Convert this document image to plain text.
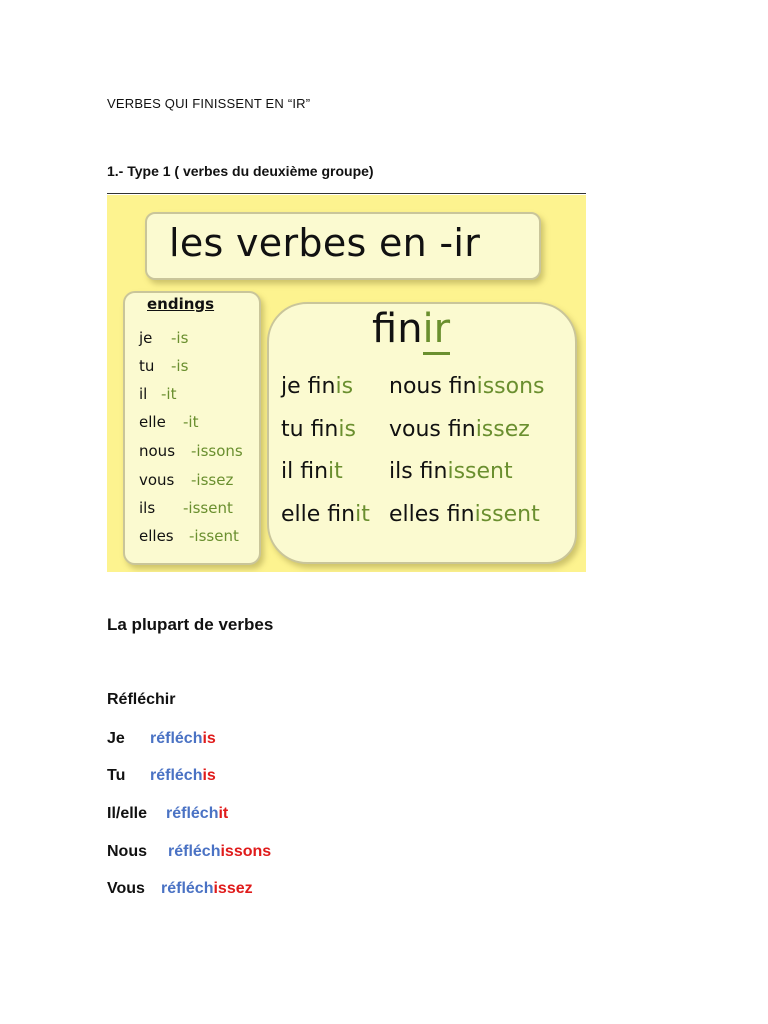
VERBES QUI FINISSENT EN “IR”
1.- Type 1 ( verbes du deuxième groupe)
les verbes en -ir
endings
je -is
tu -is
il -it
elle -it
nous -issons
vous -issez
ils -issent
elles -issent
finir
je finis
tu finis
il finit
elle finit
nous finissons
vous finissez
ils finissent
elles finissent
La plupart de verbes
Réfléchir
Je réfléchis
Tu réfléchis
Il/elle réfléchit
Nous réfléchissons
Vous réfléchissez
